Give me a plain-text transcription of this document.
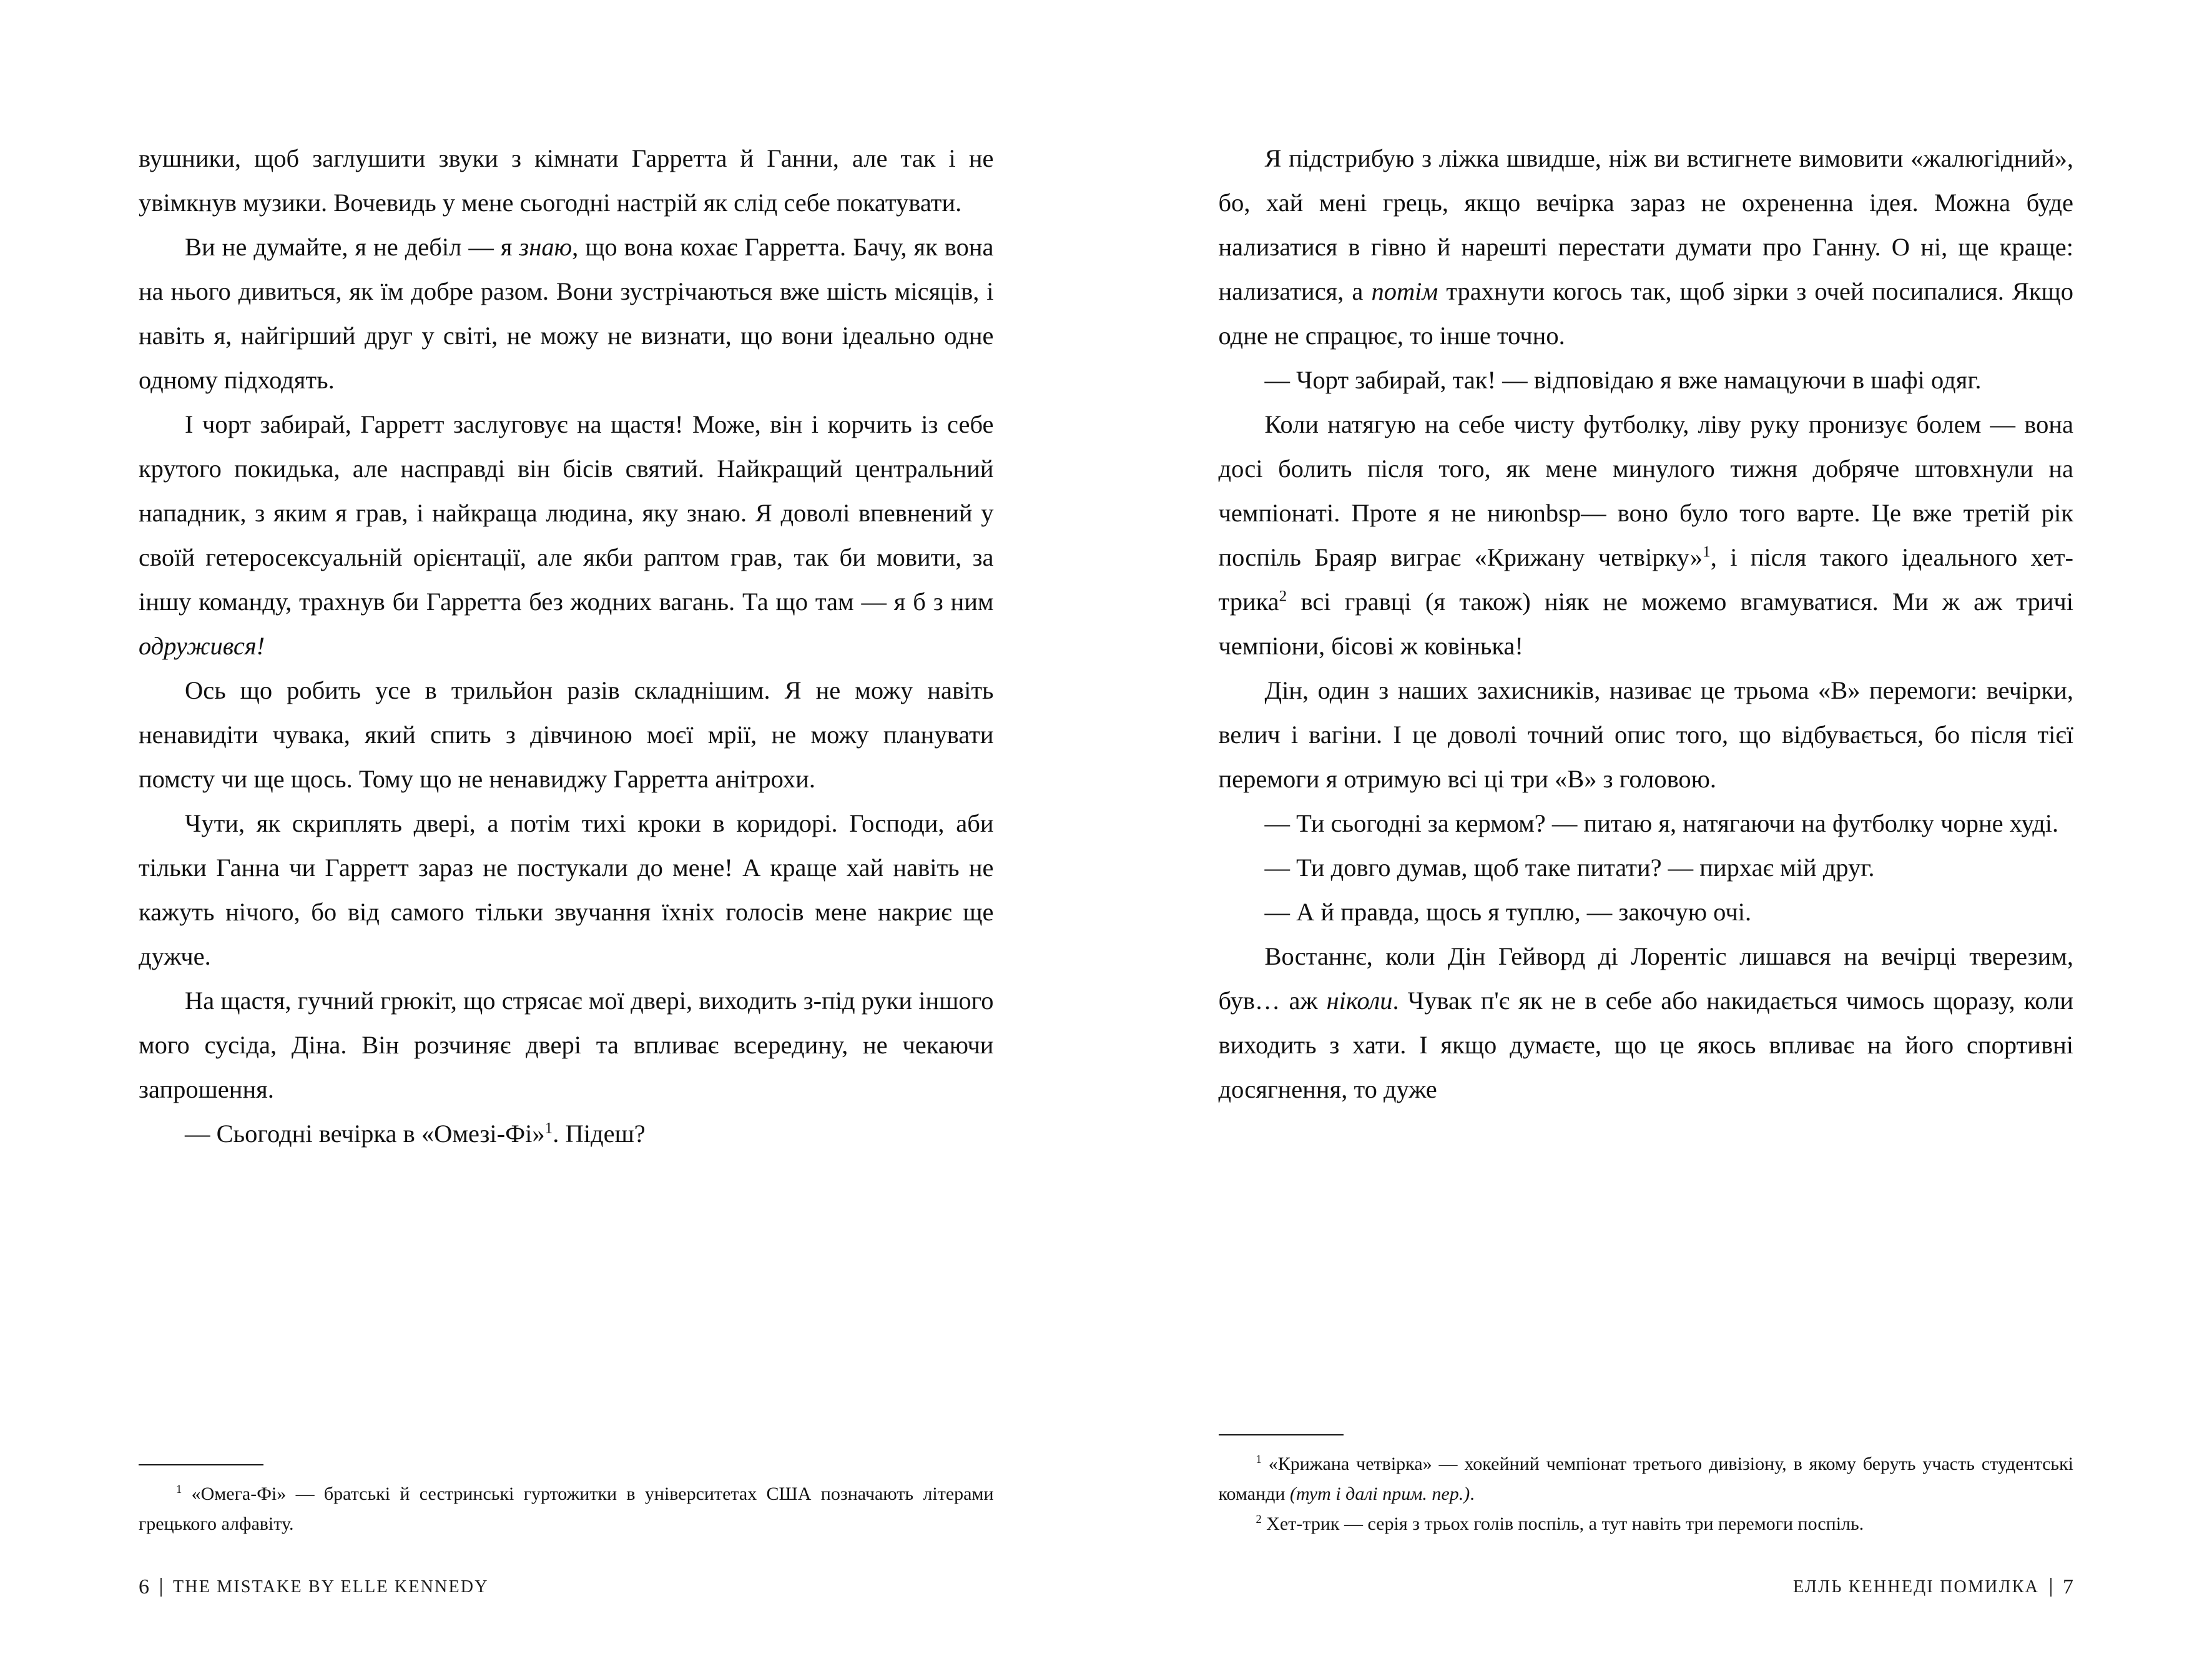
вушники, щоб заглушити звуки з кімнати Гарретта й Ганни, але так і не увімкнув музики. Вочевидь у мене сьогодні настрій як слід себе покатувати.

Ви не думайте, я не дебіл — я знаю, що вона кохає Гарретта. Бачу, як вона на нього дивиться, як їм добре разом. Вони зустрічаються вже шість місяців, і навіть я, найгірший друг у світі, не можу не визнати, що вони ідеально одне одному підходять.

І чорт забирай, Гарретт заслуговує на щастя! Може, він і корчить із себе крутого покидька, але насправді він бісів святий. Найкращий центральний нападник, з яким я грав, і найкраща людина, яку знаю. Я доволі впевнений у своїй гетеросексуальній орієнтації, але якби раптом грав, так би мовити, за іншу команду, трахнув би Гарретта без жодних вагань. Та що там — я б з ним одружився!

Ось що робить усе в трильйон разів складнішим. Я не можу навіть ненавидіти чувака, який спить з дівчиною моєї мрії, не можу планувати помсту чи ще щось. Тому що не ненавиджу Гарретта анітрохи.

Чути, як скриплять двері, а потім тихі кроки в коридорі. Господи, аби тільки Ганна чи Гарретт зараз не постукали до мене! А краще хай навіть не кажуть нічого, бо від самого тільки звучання їхніх голосів мене накриє ще дужче.

На щастя, гучний грюкіт, що стрясає мої двері, виходить з-під руки іншого мого сусіда, Діна. Він розчиняє двері та впливає всередину, не чекаючи запрошення.

— Сьогодні вечірка в «Омезі-Фі»$^1$. Підеш?

$^1$ «Омега-Фі» — братські й сестринські гуртожитки в університетах США позначають літерами грецького алфавіту.

6 THE MISTAKE BY ELLE KENNEDY

Я підстрибую з ліжка швидше, ніж ви встигнете вимовити «жалюгідний», бо, хай мені грець, якщо вечірка зараз не охрененна ідея. Можна буде нализатися в гівно й нарешті перестати думати про Ганну. О ні, ще краще: нализатися, а потім трахнути когось так, щоб зірки з очей посипалися. Якщо одне не спрацює, то інше точно.

— Чорт забирай, так! — відповідаю я вже намацуючи в шафі одяг.

Коли натягую на себе чисту футболку, ліву руку пронизує болем — вона досі болить після того, як мене минулого тижня добряче штовхнули на чемпіонаті. Проте я не ниюnbsp— воно було того варте. Це вже третій рік поспіль Браяр виграє «Крижану четвірку»$^1$, і після такого ідеального хет-трика$^2$ всі гравці (я також) ніяк не можемо вгамуватися. Ми ж аж тричі чемпіони, бісові ж ковінька!

Дін, один з наших захисників, називає це трьома «В» перемоги: вечірки, велич і вагіни. І це доволі точний опис того, що відбувається, бо після тієї перемоги я отримую всі ці три «В» з головою.

— Ти сьогодні за кермом? — питаю я, натягаючи на футболку чорне худі.

— Ти довго думав, щоб таке питати? — пирхає мій друг.

— А й правда, щось я туплю, — закочую очі.

Востаннє, коли Дін Гейворд ді Лорентіс лишався на вечірці тверезим, був… аж ніколи. Чувак п'є як не в себе або накидається чимось щоразу, коли виходить з хати. І якщо думаєте, що це якось впливає на його спортивні досягнення, то дуже

$^1$ «Крижана четвірка» — хокейний чемпіонат третього дивізіону, в якому беруть участь студентські команди (тут і далі прим. пер.).

$^2$ Хет-трик — серія з трьох голів поспіль, а тут навіть три перемоги поспіль.

ЕЛЛЬ КЕННЕДІ ПОМИЛКА 7
